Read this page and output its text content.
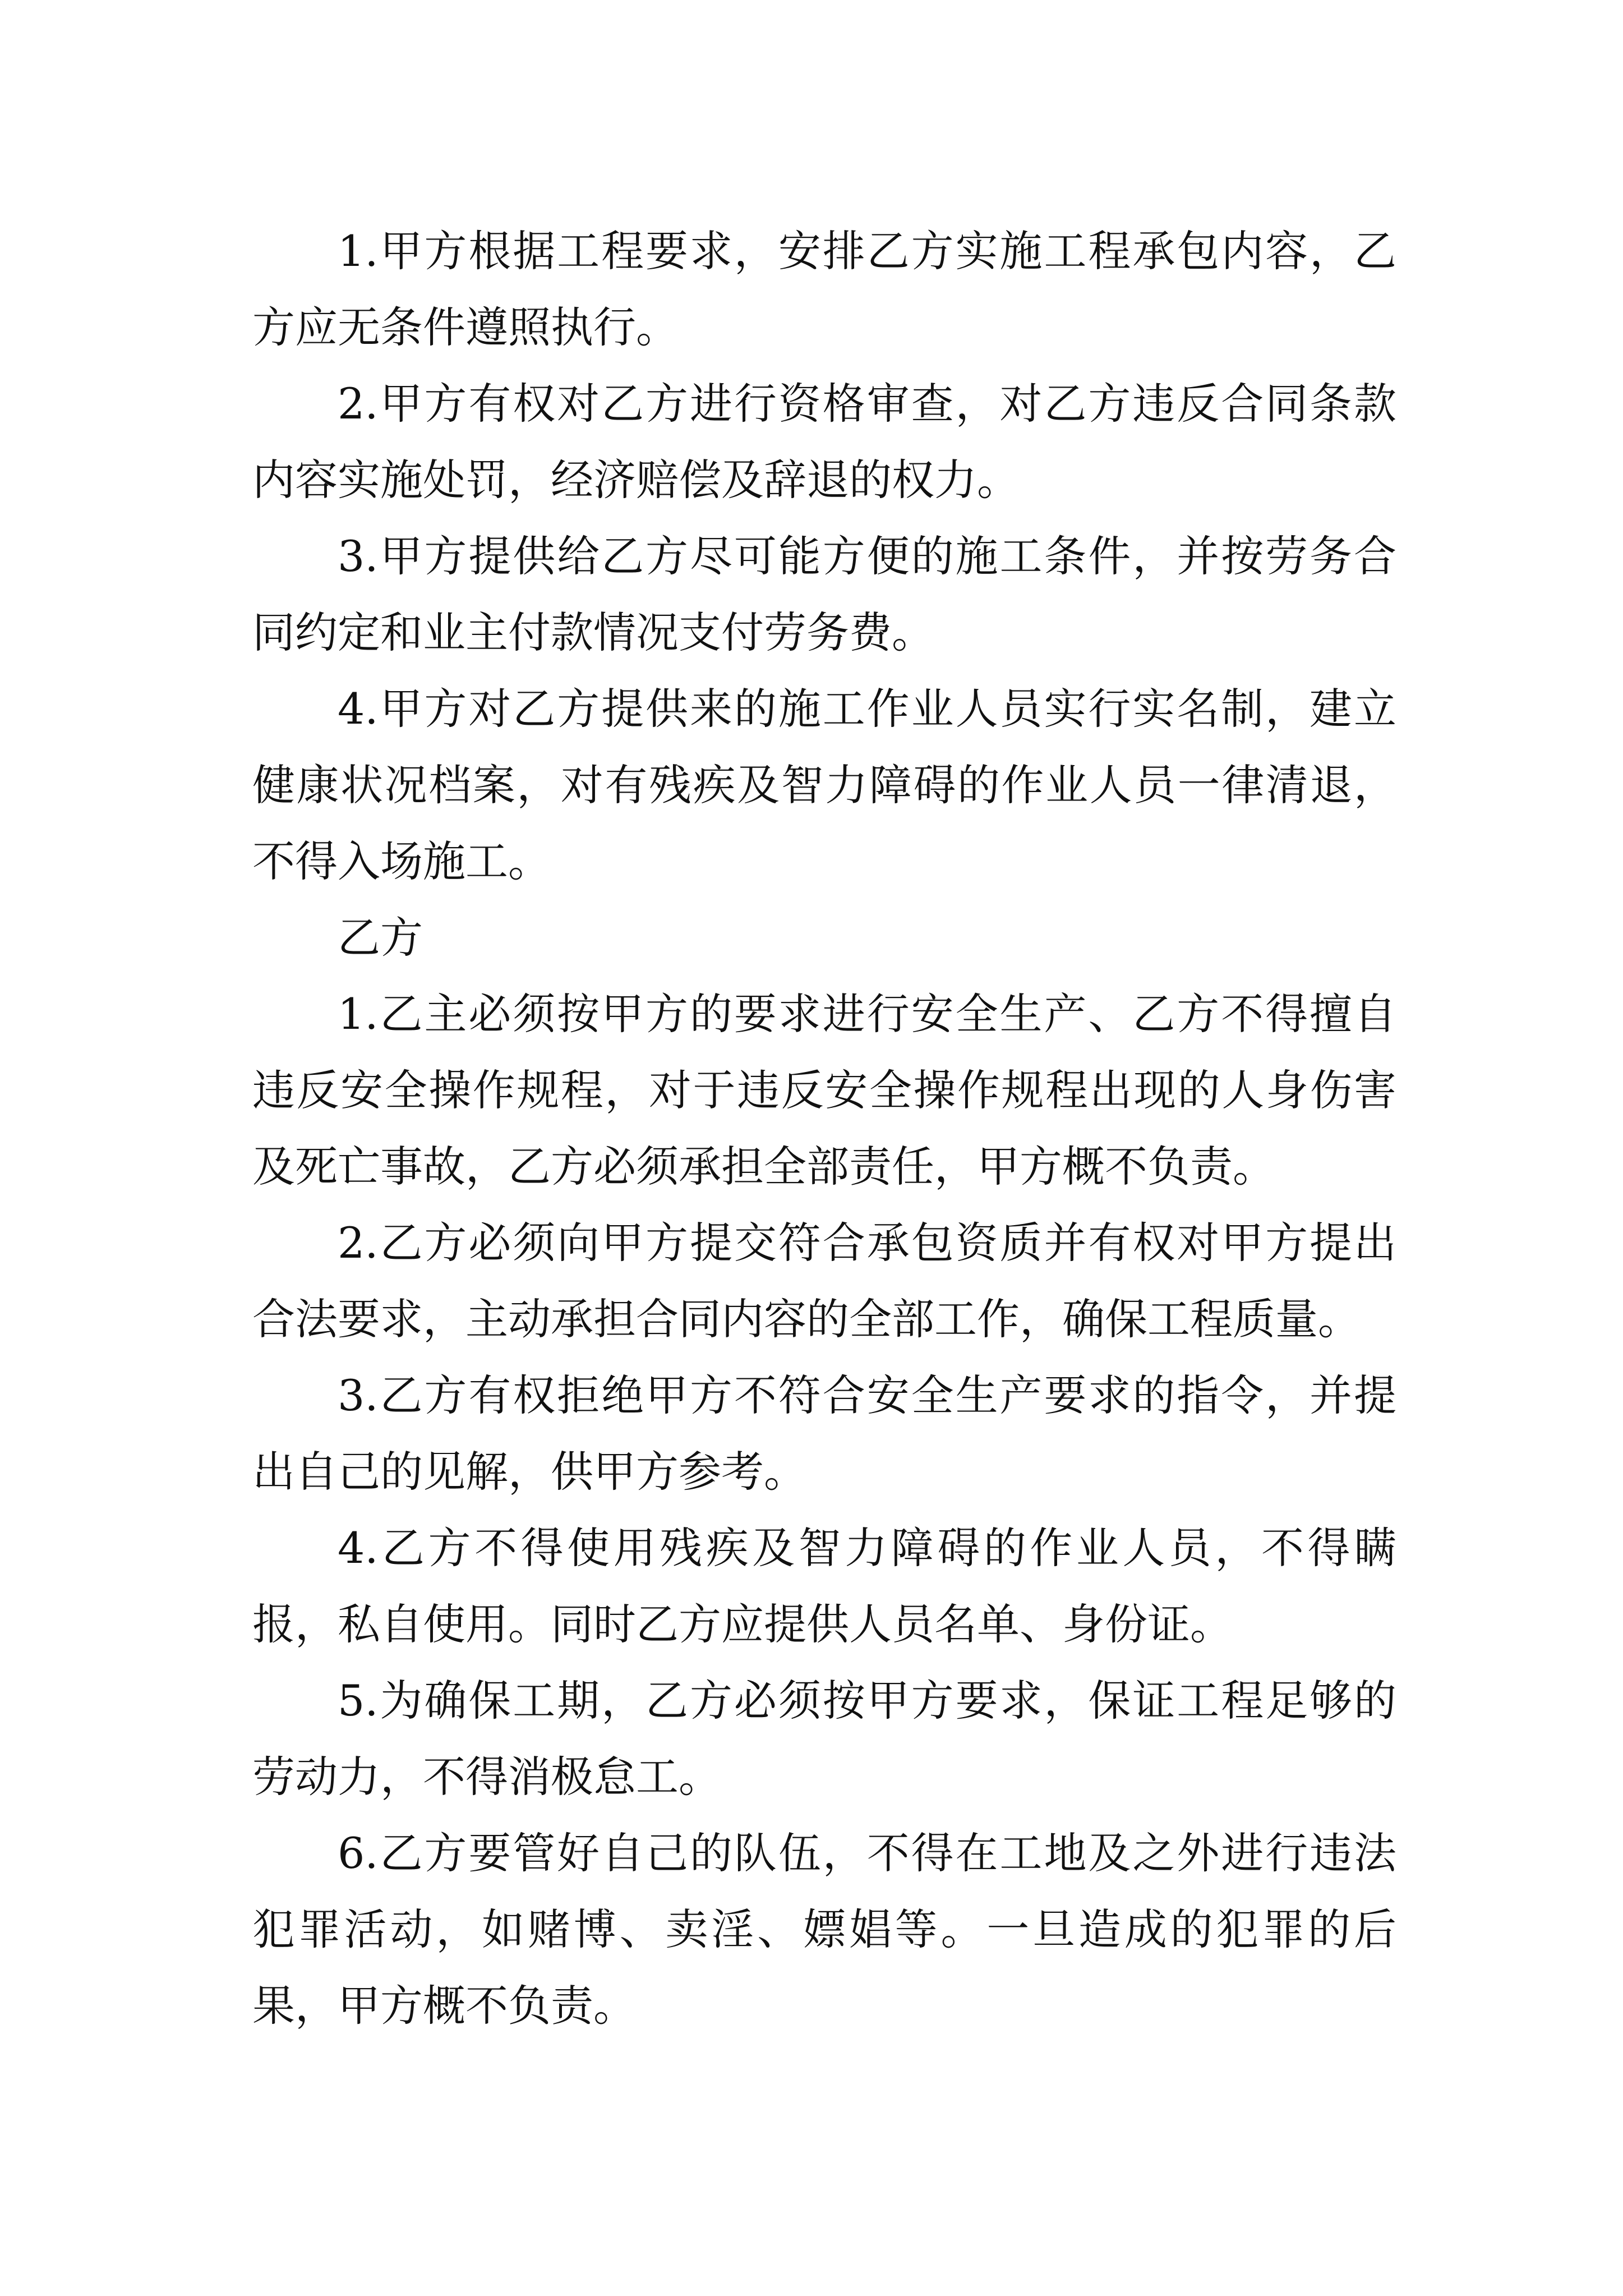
1.甲方根据工程要求，安排乙方实施工程承包内容，乙方应无条件遵照执行。

2.甲方有权对乙方进行资格审查，对乙方违反合同条款内容实施处罚，经济赔偿及辞退的权力。

3.甲方提供给乙方尽可能方便的施工条件，并按劳务合同约定和业主付款情况支付劳务费。

4.甲方对乙方提供来的施工作业人员实行实名制，建立健康状况档案，对有残疾及智力障碍的作业人员一律清退，不得入场施工。

乙方

1.乙主必须按甲方的要求进行安全生产、乙方不得擅自违反安全操作规程，对于违反安全操作规程出现的人身伤害及死亡事故，乙方必须承担全部责任，甲方概不负责。

2.乙方必须向甲方提交符合承包资质并有权对甲方提出合法要求，主动承担合同内容的全部工作，确保工程质量。

3.乙方有权拒绝甲方不符合安全生产要求的指令，并提出自己的见解，供甲方参考。

4.乙方不得使用残疾及智力障碍的作业人员，不得瞒报，私自使用。同时乙方应提供人员名单、身份证。

5.为确保工期，乙方必须按甲方要求，保证工程足够的劳动力，不得消极怠工。

6.乙方要管好自己的队伍，不得在工地及之外进行违法犯罪活动，如赌博、卖淫、嫖娼等。一旦造成的犯罪的后果，甲方概不负责。
